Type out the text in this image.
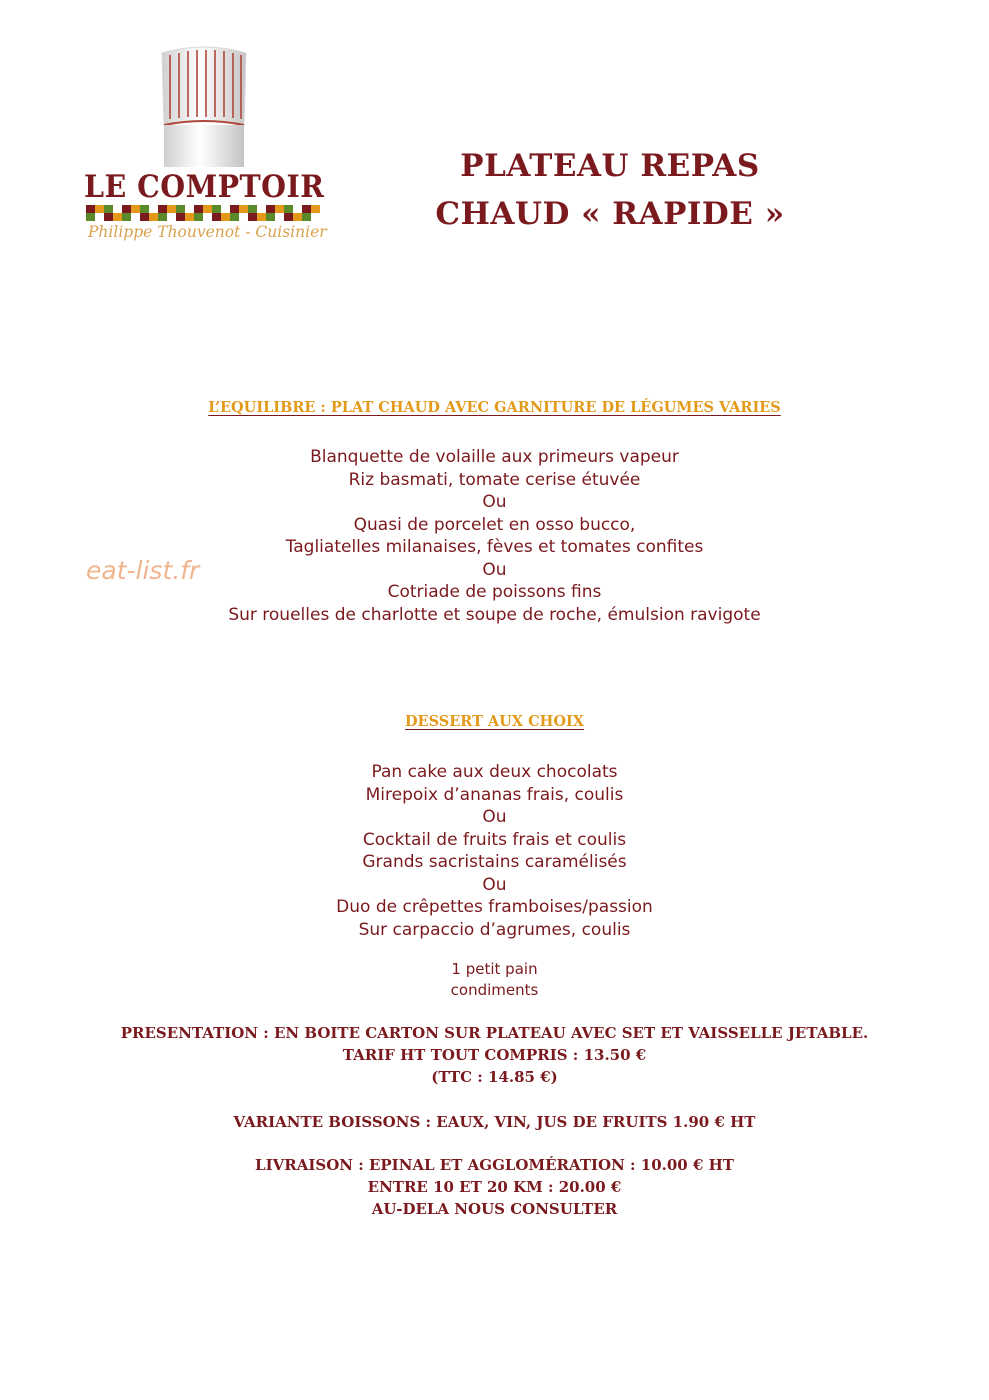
LE COMPTOIR
Philippe Thouvenot - Cuisinier
PLATEAU REPAS
CHAUD « RAPIDE »
eat-list.fr
L’EQUILIBRE : PLAT CHAUD AVEC GARNITURE DE LÉGUMES VARIES
Blanquette de volaille aux primeurs vapeur
Riz basmati, tomate cerise étuvée
Ou
Quasi de porcelet en osso bucco,
Tagliatelles milanaises, fèves et tomates confites
Ou
Cotriade de poissons fins
Sur rouelles de charlotte et soupe de roche, émulsion ravigote
DESSERT AUX CHOIX
Pan cake aux deux chocolats
Mirepoix d’ananas frais, coulis
Ou
Cocktail de fruits frais et coulis
Grands sacristains caramélisés
Ou
Duo de crêpettes framboises/passion
Sur carpaccio d’agrumes, coulis
1 petit pain
condiments
PRESENTATION : EN BOITE CARTON SUR PLATEAU AVEC SET ET VAISSELLE JETABLE.
TARIF HT TOUT COMPRIS : 13.50 €
(TTC : 14.85 €)
VARIANTE BOISSONS : EAUX, VIN, JUS DE FRUITS 1.90 € HT
LIVRAISON : EPINAL ET AGGLOMÉRATION : 10.00 € HT
ENTRE 10 ET 20 KM : 20.00 €
AU-DELA NOUS CONSULTER
